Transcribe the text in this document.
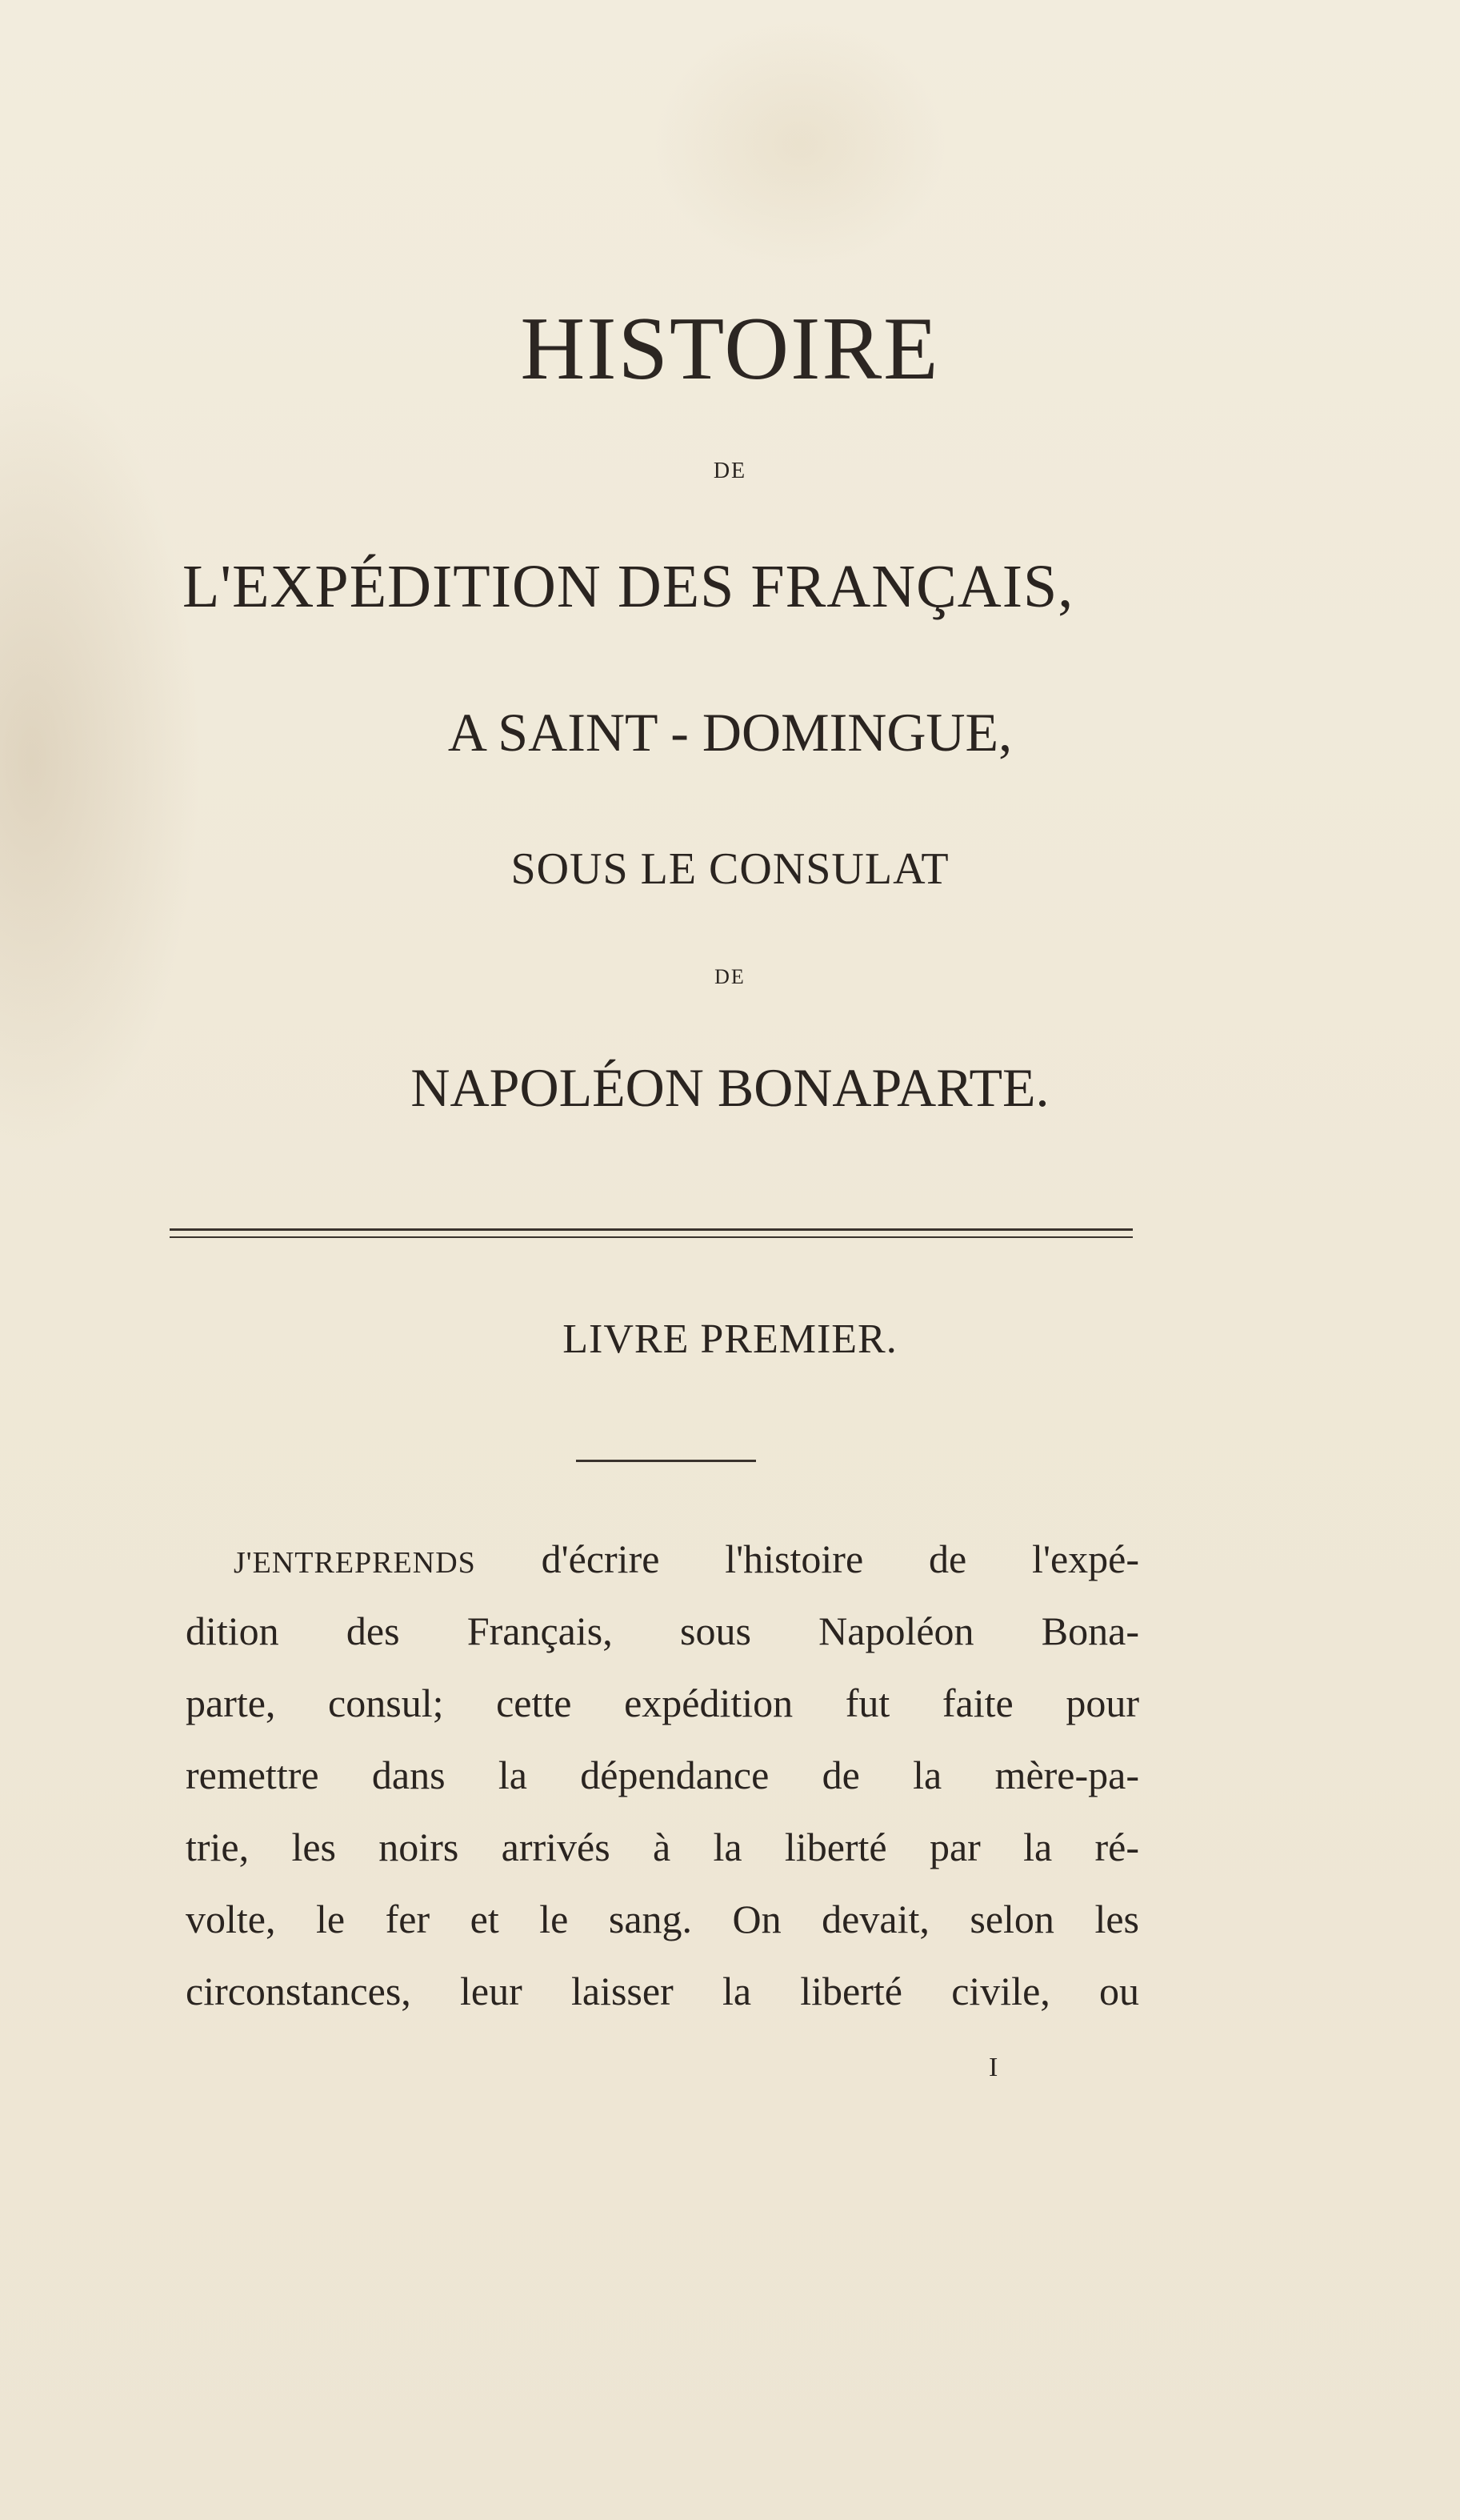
HISTOIRE
DE
L'EXPÉDITION DES FRANÇAIS,
A SAINT - DOMINGUE,
SOUS LE CONSULAT
DE
NAPOLÉON BONAPARTE.
LIVRE PREMIER.
J'ENTREPRENDS d'écrire l'histoire de l'expé-
dition des Français, sous Napoléon Bona-
parte, consul; cette expédition fut faite pour
remettre dans la dépendance de la mère-pa-
trie, les noirs arrivés à la liberté par la ré-
volte, le fer et le sang. On devait, selon les
circonstances, leur laisser la liberté civile, ou
I
